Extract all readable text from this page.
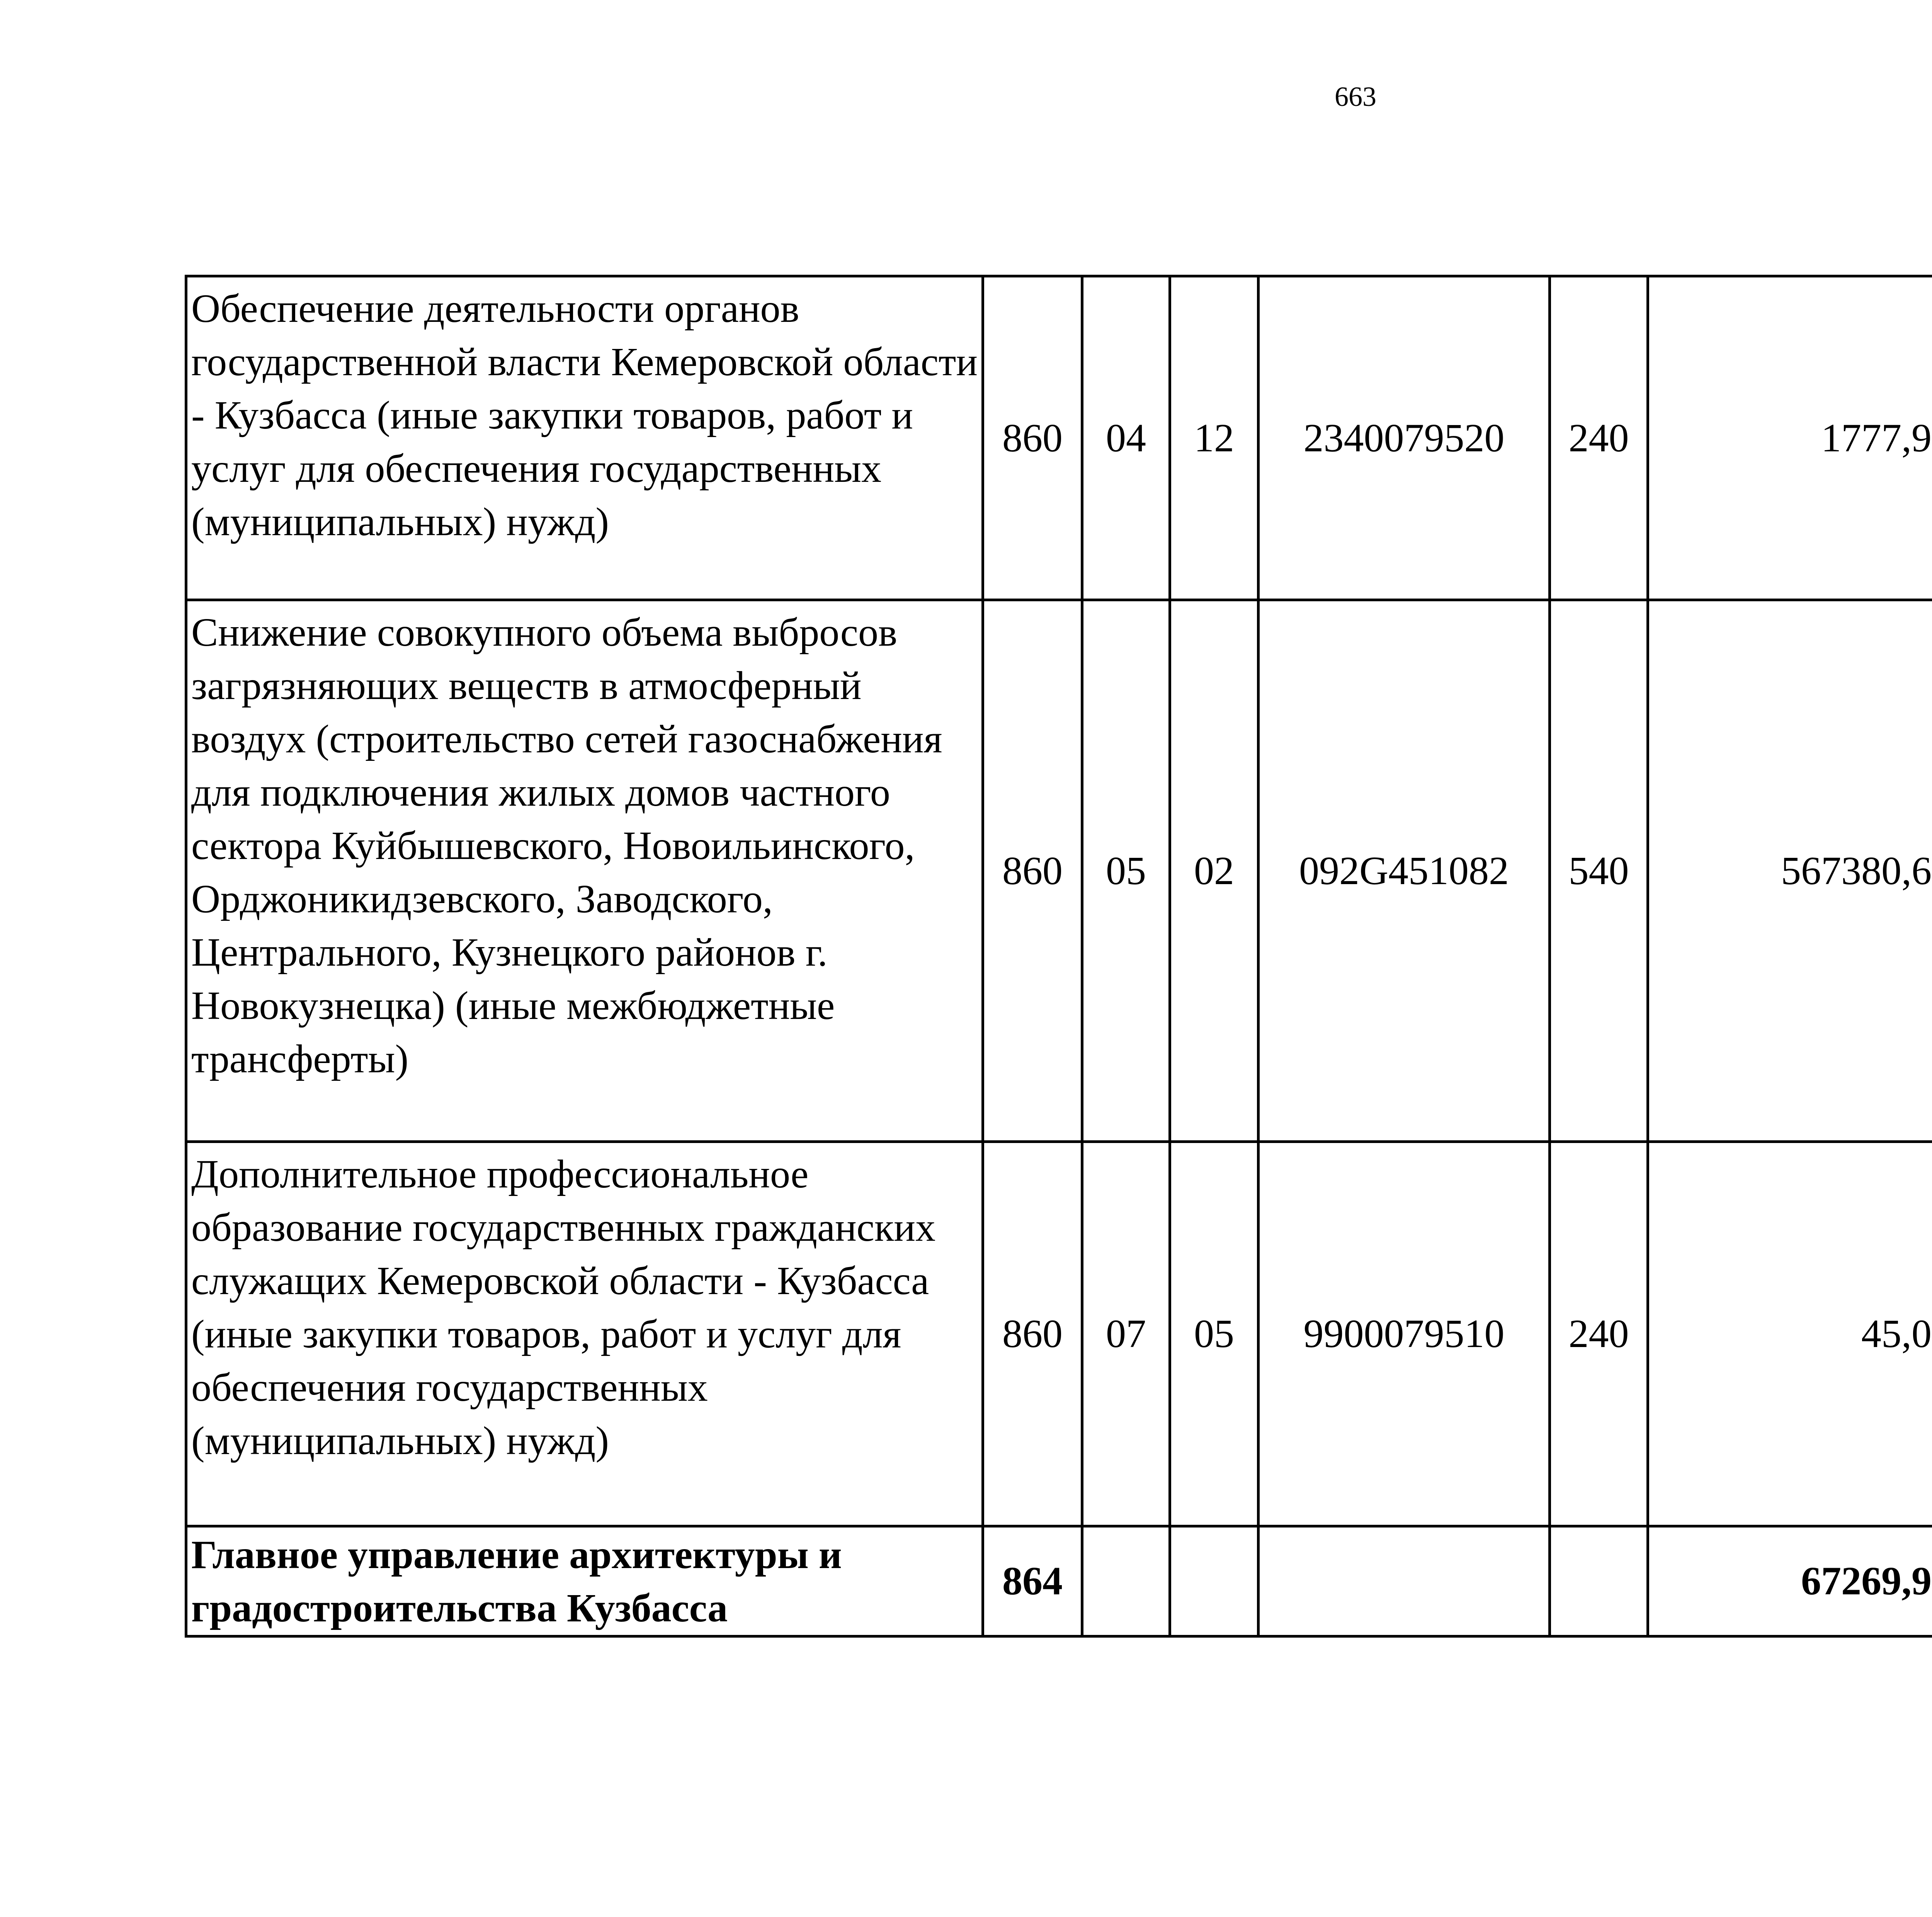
663
Обеспечение деятельности органов государственной власти Кемеровской области - Кузбасса (иные закупки товаров, работ и услуг для обеспечения государственных (муниципальных) нужд)	860	04	12	2340079520	240	1777,9		
Снижение совокупного объема выбросов загрязняющих веществ в атмосферный воздух (строительство сетей газоснабжения для подключения жилых домов частного сектора Куйбышевского, Новоильинского, Орджоникидзевского, Заводского, Центрального, Кузнецкого районов г. Новокузнецка) (иные межбюджетные трансферты)	860	05	02	092G451082	540	567380,6		
Дополнительное профессиональное образование государственных гражданских служащих Кемеровской области - Кузбасса (иные закупки товаров, работ и услуг для обеспечения государственных (муниципальных) нужд)	860	07	05	9900079510	240	45,0		
Главное управление архитектуры и градостроительства Кузбасса	864					67269,9		
